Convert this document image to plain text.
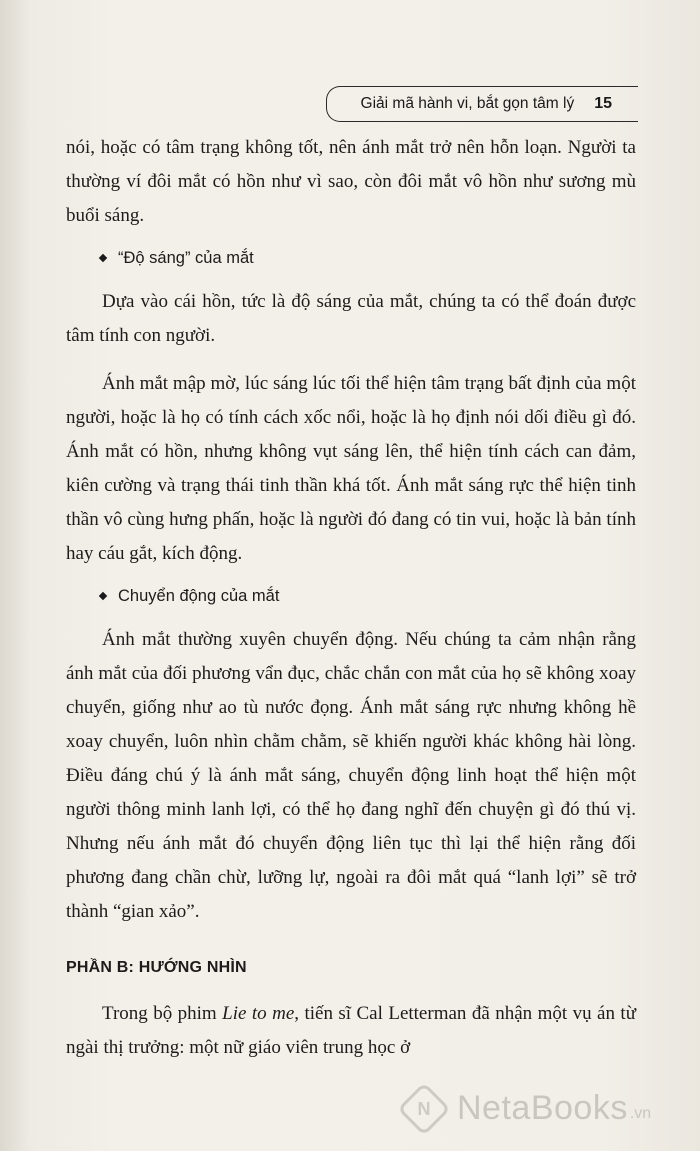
Giải mã hành vi, bắt gọn tâm lý 15

nói, hoặc có tâm trạng không tốt, nên ánh mắt trở nên hỗn loạn. Người ta thường ví đôi mắt có hồn như vì sao, còn đôi mắt vô hồn như sương mù buổi sáng.

“Độ sáng” của mắt

Dựa vào cái hồn, tức là độ sáng của mắt, chúng ta có thể đoán được tâm tính con người.

Ánh mắt mập mờ, lúc sáng lúc tối thể hiện tâm trạng bất định của một người, hoặc là họ có tính cách xốc nổi, hoặc là họ định nói dối điều gì đó. Ánh mắt có hồn, nhưng không vụt sáng lên, thể hiện tính cách can đảm, kiên cường và trạng thái tinh thần khá tốt. Ánh mắt sáng rực thể hiện tinh thần vô cùng hưng phấn, hoặc là người đó đang có tin vui, hoặc là bản tính hay cáu gắt, kích động.

Chuyển động của mắt

Ánh mắt thường xuyên chuyển động. Nếu chúng ta cảm nhận rằng ánh mắt của đối phương vẩn đục, chắc chắn con mắt của họ sẽ không xoay chuyển, giống như ao tù nước đọng. Ánh mắt sáng rực nhưng không hề xoay chuyển, luôn nhìn chằm chằm, sẽ khiến người khác không hài lòng. Điều đáng chú ý là ánh mắt sáng, chuyển động linh hoạt thể hiện một người thông minh lanh lợi, có thể họ đang nghĩ đến chuyện gì đó thú vị. Nhưng nếu ánh mắt đó chuyển động liên tục thì lại thể hiện rằng đối phương đang chần chừ, lưỡng lự, ngoài ra đôi mắt quá “lanh lợi” sẽ trở thành “gian xảo”.

PHẦN B: HƯỚNG NHÌN

Trong bộ phim Lie to me, tiến sĩ Cal Letterman đã nhận một vụ án từ ngài thị trưởng: một nữ giáo viên trung học ở

N NetaBooks .vn
